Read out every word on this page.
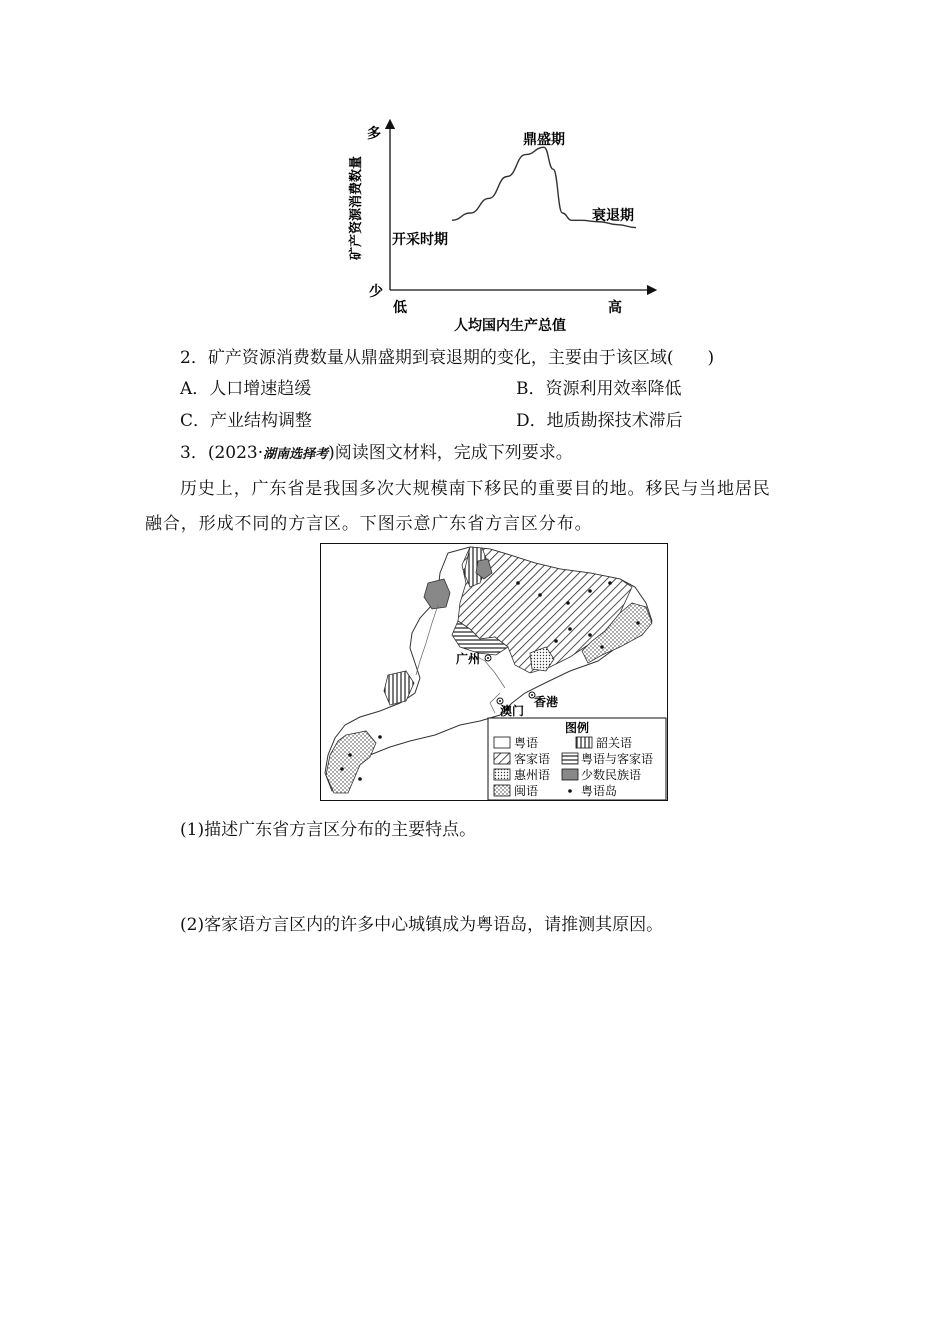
多
少
低	高
人均国内生产总值
矿产资源消费数量 开采时期
鼎盛期
衰退期
2．矿产资源消费数量从鼎盛期到衰退期的变化，主要由于该区域(　　)
A．人口增速趋缓	B．资源利用效率降低
C．产业结构调整	D．地质勘探技术滞后
3．(2023·湖南选择考)阅读图文材料，完成下列要求。
历史上，广东省是我国多次大规模南下移民的重要目的地。移民与当地居民
融合，形成不同的方言区。下图示意广东省方言区分布。
广州
香港
澳门
图例
粤语	韶关语
客家语	粤语与客家语
惠州语	少数民族语
闽语	粤语岛
(1)描述广东省方言区分布的主要特点。
(2)客家语方言区内的许多中心城镇成为粤语岛，请推测其原因。
